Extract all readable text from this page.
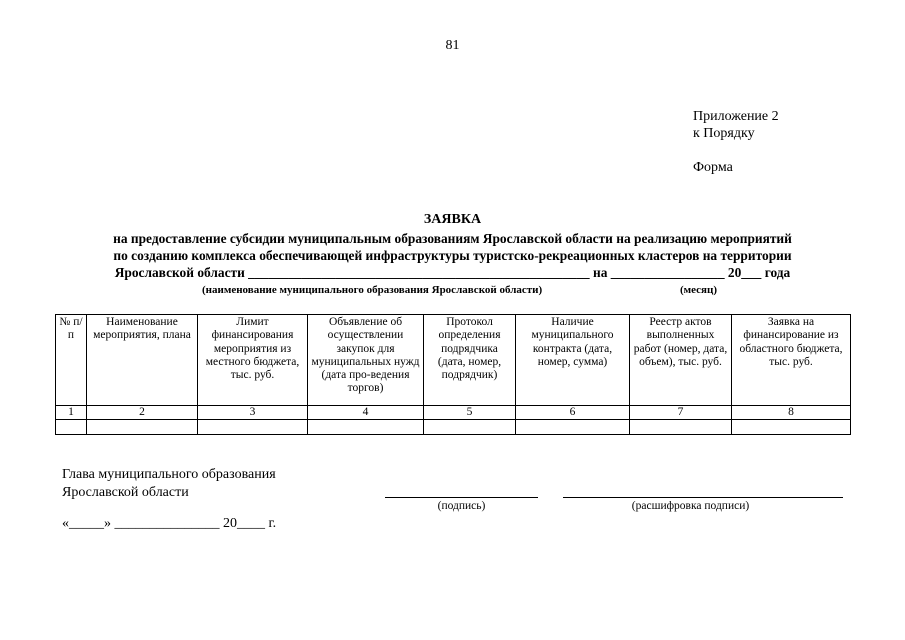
81
Приложение 2
к Порядку
Форма
ЗАЯВКА
на предоставление субсидии муниципальным образованиям Ярославской области на реализацию мероприятий
по созданию комплекса обеспечивающей инфраструктуры туристско-рекреационных кластеров на территории
Ярославской области ___________________________________________________ на _________________ 20___ года
(наименование муниципального образования Ярославской области)	(месяц)
№ п/п	Наименование мероприятия, плана	Лимит финансирования мероприятия из местного бюджета, тыс. руб.	Объявление об осуществлении закупок для муниципальных нужд (дата про-ведения торгов)	Протокол определения подрядчика (дата, номер, подрядчик)	Наличие муниципального контракта (дата, номер, сумма)	Реестр актов выполненных работ (номер, дата, объем), тыс. руб.	Заявка на финансирование из областного бюджета, тыс. руб.
1	2	3	4	5	6	7	8

Глава муниципального образования
Ярославской области
(подпись)	(расшифровка подписи)
«_____» _______________ 20____ г.
